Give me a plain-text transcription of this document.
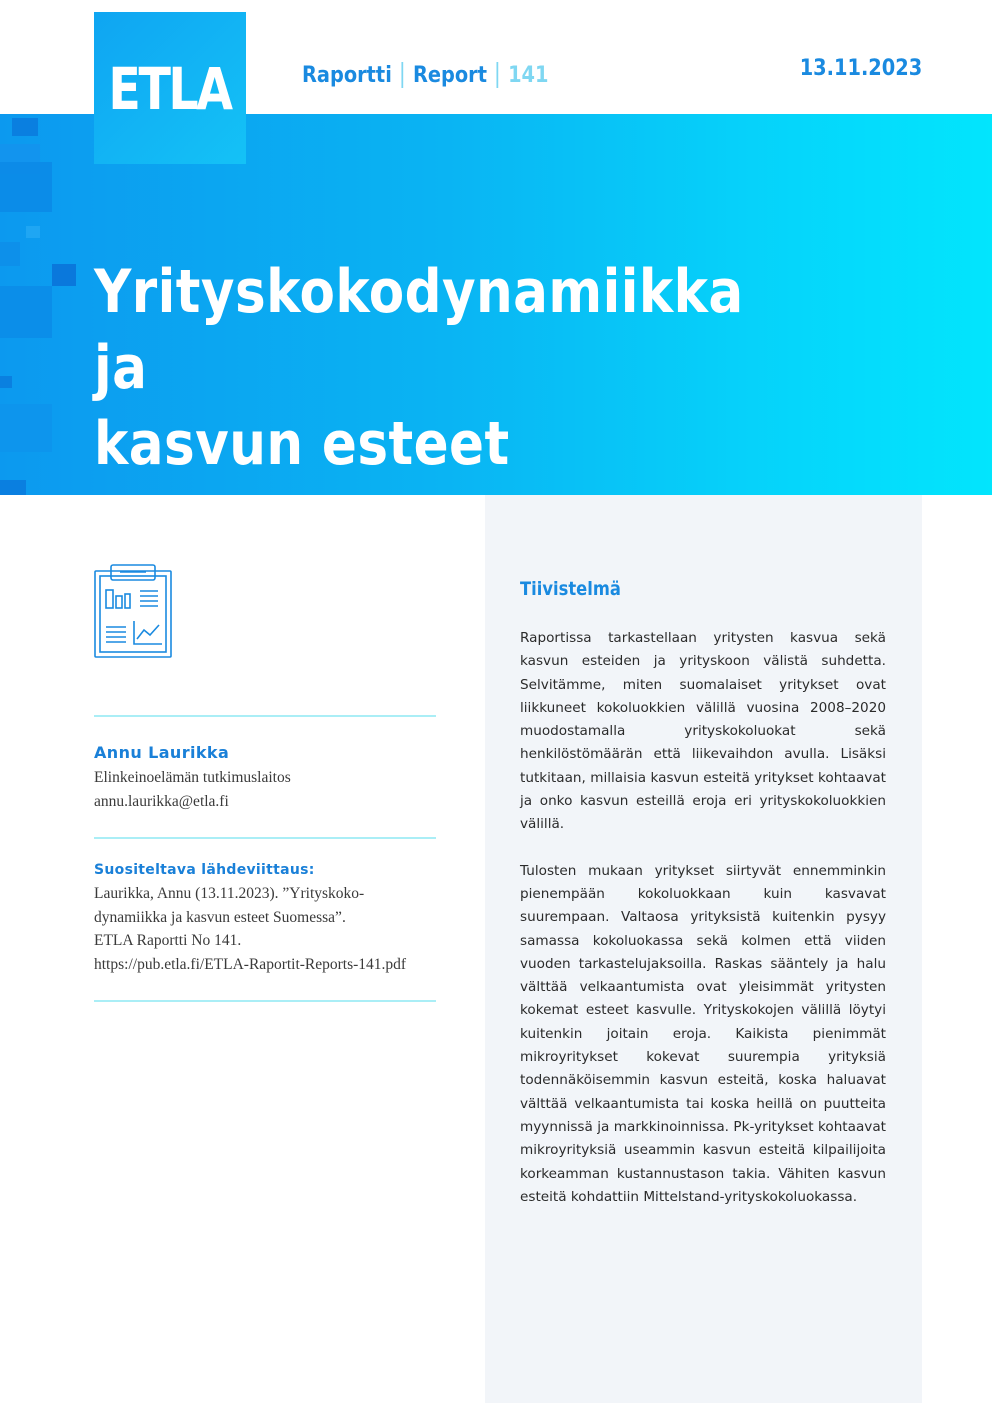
Raportti Report 141	13.11.2023
ETLA
Yrityskokodynamiikka ja
kasvun esteet Suomessa
Annu Laurikka
Elinkeinoelämän tutkimuslaitos
annu.laurikka@etla.fi
Suositeltava lähdeviittaus:
Laurikka, Annu (13.11.2023). ”Yrityskoko-
dynamiikka ja kasvun esteet Suomessa”.
ETLA Raportti No 141.
https://pub.etla.fi/ETLA-Raportit-Reports-141.pdf
Tiivistelmä

Raportissa tarkastellaan yritysten kasvua sekä kasvun esteiden ja yrityskoon välistä suhdetta. Selvitämme, miten suomalaiset yritykset ovat liikkuneet kokoluokkien välillä vuosina 2008–2020 muodostamalla yrityskokoluokat sekä henkilöstömäärän että liikevaihdon avulla. Lisäksi tutkitaan, millaisia kasvun esteitä yritykset kohtaavat ja onko kasvun esteillä eroja eri yrityskokoluokkien välillä.

Tulosten mukaan yritykset siirtyvät ennemminkin pienempään kokoluokkaan kuin kasvavat suurempaan. Valtaosa yrityksistä kuitenkin pysyy samassa kokoluokassa sekä kolmen että viiden vuoden tarkastelujaksoilla. Raskas sääntely ja halu välttää velkaantumista ovat yleisimmät yritysten kokemat esteet kasvulle. Yrityskokojen välillä löytyi kuitenkin joitain eroja. Kaikista pienimmät mikroyritykset kokevat suurempia yrityksiä todennäköisemmin kasvun esteitä, koska haluavat välttää velkaantumista tai koska heillä on puutteita myynnissä ja markkinoinnissa. Pk-yritykset kohtaavat mikroyrityksiä useammin kasvun esteitä kilpailijoita korkeamman kustannustason takia. Vähiten kasvun esteitä kohdattiin Mittelstand-yrityskokoluokassa.
